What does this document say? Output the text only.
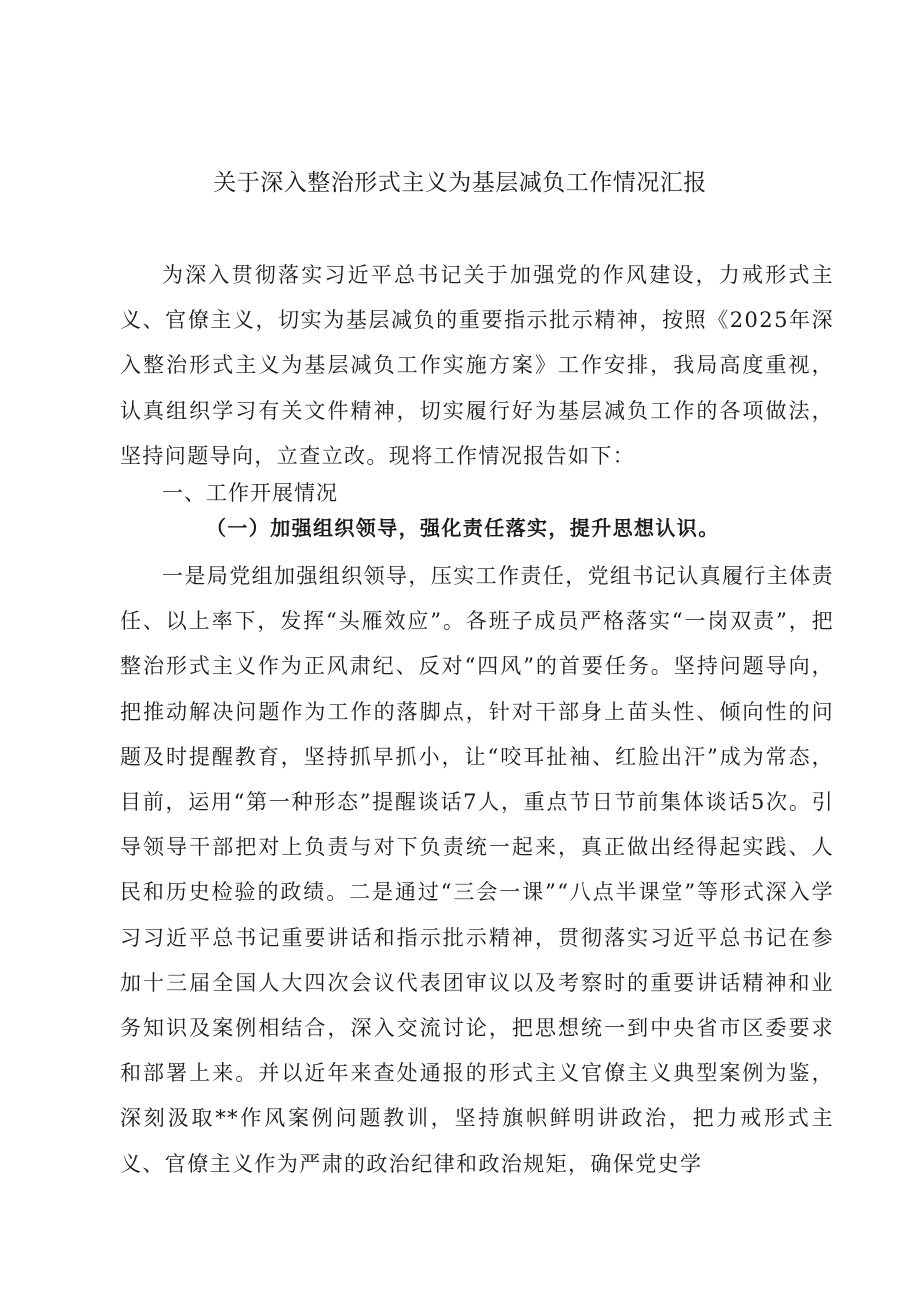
关于深入整治形式主义为基层减负工作情况汇报

为深入贯彻落实习近平总书记关于加强党的作风建设，力戒形式主义、官僚主义，切实为基层减负的重要指示批示精神，按照《2025年深入整治形式主义为基层减负工作实施方案》工作安排，我局高度重视，认真组织学习有关文件精神，切实履行好为基层减负工作的各项做法，坚持问题导向，立查立改。现将工作情况报告如下：

一、工作开展情况
（一）加强组织领导，强化责任落实，提升思想认识。

一是局党组加强组织领导，压实工作责任，党组书记认真履行主体责任、以上率下，发挥“头雁效应”。各班子成员严格落实“一岗双责”，把整治形式主义作为正风肃纪、反对“四风”的首要任务。坚持问题导向，把推动解决问题作为工作的落脚点，针对干部身上苗头性、倾向性的问题及时提醒教育，坚持抓早抓小，让“咬耳扯袖、红脸出汗”成为常态，目前，运用“第一种形态”提醒谈话7人，重点节日节前集体谈话5次。引导领导干部把对上负责与对下负责统一起来，真正做出经得起实践、人民和历史检验的政绩。二是通过“三会一课”“八点半课堂”等形式深入学习习近平总书记重要讲话和指示批示精神，贯彻落实习近平总书记在参加十三届全国人大四次会议代表团审议以及考察时的重要讲话精神和业务知识及案例相结合，深入交流讨论，把思想统一到中央省市区委要求和部署上来。并以近年来查处通报的形式主义官僚主义典型案例为鉴，深刻汲取**作风案例问题教训，坚持旗帜鲜明讲政治，把力戒形式主义、官僚主义作为严肃的政治纪律和政治规矩，确保党史学
